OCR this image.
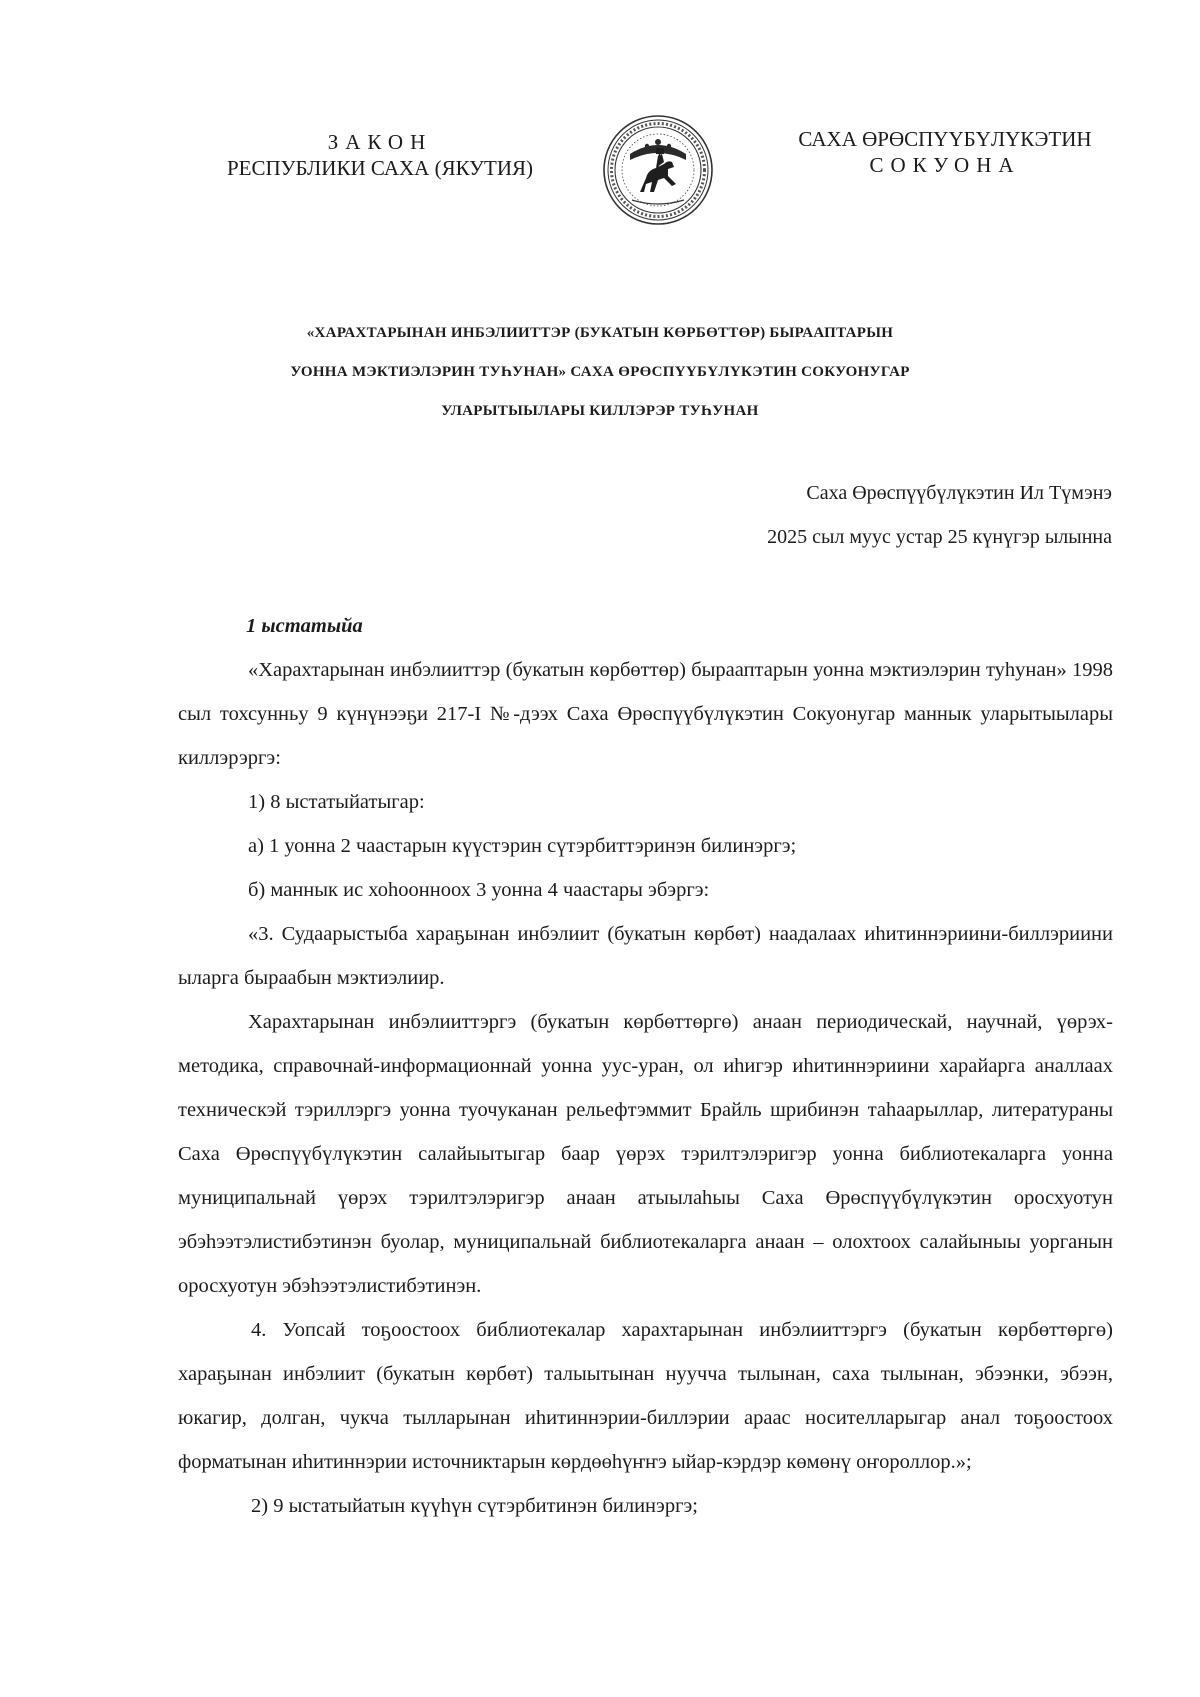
ЗАКОН
РЕСПУБЛИКИ САХА (ЯКУТИЯ)
САХА ӨРӨСПҮҮБҮЛҮКЭТИН
СОКУОНА
«ХАРАХТАРЫНАН ИНБЭЛИИТТЭР (БУКАТЫН КӨРБӨТТӨР) БЫРААПТАРЫН
УОННА МЭКТИЭЛЭРИН ТУҺУНАН» САХА ӨРӨСПҮҮБҮЛҮКЭТИН СОКУОНУГАР
УЛАРЫТЫЫЛАРЫ КИЛЛЭРЭР ТУҺУНАН
Саха Өрөспүүбүлүкэтин Ил Түмэнэ
2025 сыл муус устар 25 күнүгэр ылынна

1 ыстатыйа

«Харахтарынан инбэлииттэр (букатын көрбөттөр) бырааптарын уонна мэктиэлэрин туһунан» 1998 сыл тохсунньу 9 күнүнээҕи 217-I №-дээх Саха Өрөспүүбүлүкэтин Сокуонугар маннык уларытыылары киллэрэргэ:

1) 8 ыстатыйатыгар:

а) 1 уонна 2 чаастарын күүстэрин сүтэрбиттэринэн билинэргэ;

б) маннык ис хоһоонноох 3 уонна 4 чаастары эбэргэ:

«3. Судаарыстыба хараҕынан инбэлиит (букатын көрбөт) наадалаах иһитиннэриини-биллэриини ыларга быраабын мэктиэлиир.

Харахтарынан инбэлииттэргэ (букатын көрбөттөргө) анаан периодическай, научнай, үөрэх-методика, справочнай-информационнай уонна уус-уран, ол иһигэр иһитиннэриини харайарга аналлаах техническэй тэриллэргэ уонна туочуканан рельефтэммит Брайль шрибинэн таһаарыллар, литератураны Саха Өрөспүүбүлүкэтин салайыытыгар баар үөрэх тэрилтэлэригэр уонна библиотекаларга уонна муниципальнай үөрэх тэрилтэлэригэр анаан атыылаһыы Саха Өрөспүүбүлүкэтин оросхуотун эбэһээтэлистибэтинэн буолар, муниципальнай библиотекаларга анаан – олохтоох салайыныы уорганын оросхуотун эбэһээтэлистибэтинэн.

4. Уопсай тоҕоостоох библиотекалар харахтарынан инбэлииттэргэ (букатын көрбөттөргө) хараҕынан инбэлиит (букатын көрбөт) талыытынан нуучча тылынан, саха тылынан, эбээнки, эбээн, юкагир, долган, чукча тылларынан иһитиннэрии-биллэрии араас носителларыгар анал тоҕоостоох форматынан иһитиннэрии источниктарын көрдөөһүҥҥэ ыйар-кэрдэр көмөнү оҥороллор.»;

2) 9 ыстатыйатын күүһүн сүтэрбитинэн билинэргэ;
